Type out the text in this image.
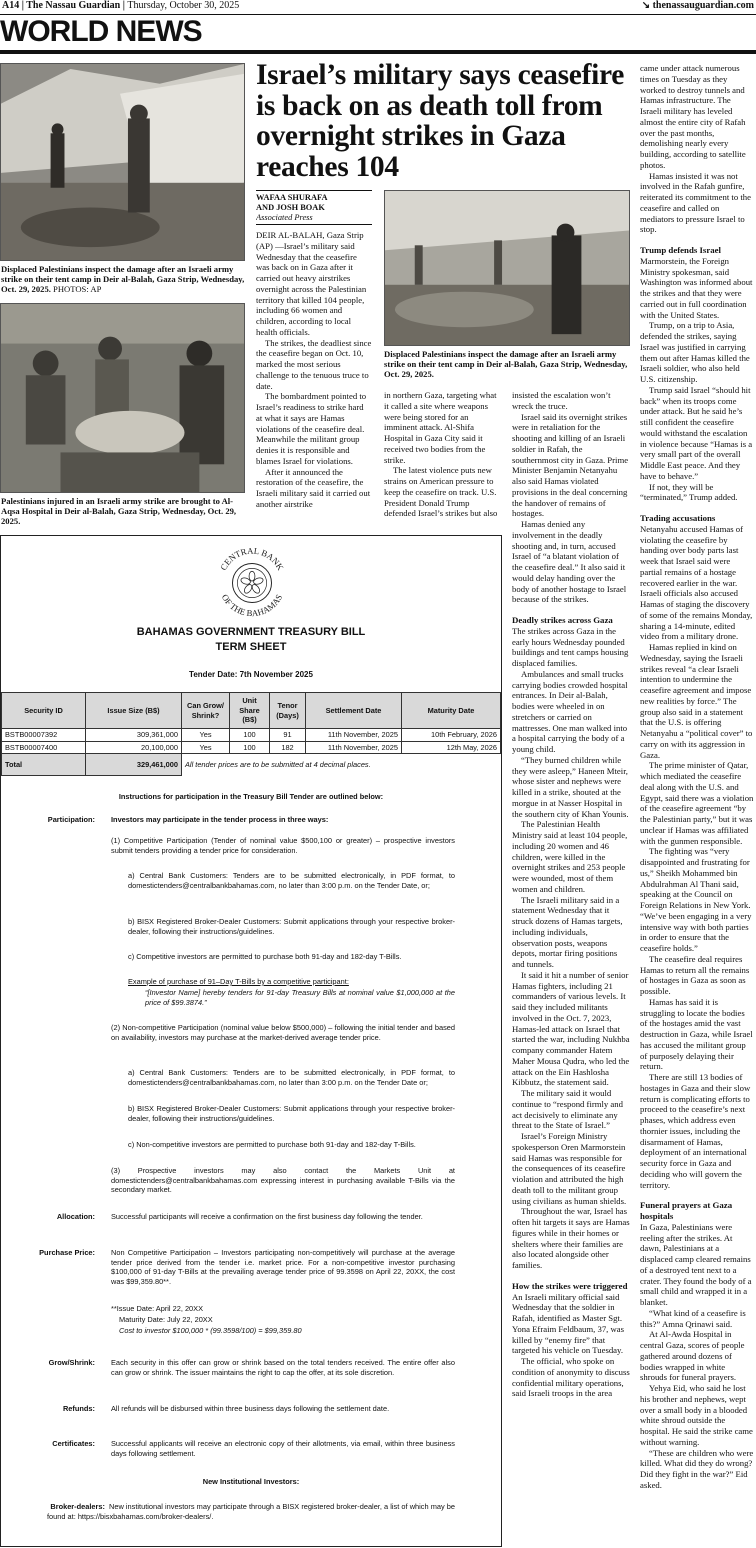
A14 | The Nassau Guardian | Thursday, October 30, 2025	↘ thenassauguardian.com
WORLD NEWS
Displaced Palestinians inspect the damage after an Israeli army strike on their tent camp in Deir al-Balah, Gaza Strip, Wednesday, Oct. 29, 2025. PHOTOS: AP
Palestinians injured in an Israeli army strike are brought to Al-Aqsa Hospital in Deir al-Balah, Gaza Strip, Wednesday, Oct. 29, 2025.
Israel’s military says ceasefire is back on as death toll from overnight strikes in Gaza reaches 104
WAFAA SHURAFA
AND JOSH BOAK
Associated Press
Displaced Palestinians inspect the damage after an Israeli army strike on their tent camp in Deir al-Balah, Gaza Strip, Wednesday, Oct. 29, 2025.

DEIR AL-BALAH, Gaza Strip (AP) —Israel’s military said Wednesday that the ceasefire was back on in Gaza after it carried out heavy airstrikes overnight across the Palestinian territory that killed 104 people, including 66 women and children, according to local health officials.

The strikes, the deadliest since the ceasefire began on Oct. 10, marked the most serious challenge to the tenuous truce to date.

The bombardment pointed to Israel’s readiness to strike hard at what it says are Hamas violations of the ceasefire deal. Meanwhile the militant group denies it is responsible and blames Israel for violations.

After it announced the restoration of the ceasefire, the Israeli military said it carried out another airstrike

in northern Gaza, targeting what it called a site where weapons were being stored for an imminent attack. Al-Shifa Hospital in Gaza City said it received two bodies from the strike.

The latest violence puts new strains on American pressure to keep the ceasefire on track. U.S. President Donald Trump defended Israel’s strikes but also

insisted the escalation won’t wreck the truce.

Israel said its overnight strikes were in retaliation for the shooting and killing of an Israeli soldier in Rafah, the southernmost city in Gaza. Prime Minister Benjamin Netanyahu also said Hamas violated provisions in the deal concerning the handover of remains of hostages.

Hamas denied any involvement in the deadly shooting and, in turn, accused Israel of “a blatant violation of the ceasefire deal.” It also said it would delay handing over the body of another hostage to Israel because of the strikes.

Deadly strikes across Gaza

The strikes across Gaza in the early hours Wednesday pounded buildings and tent camps housing displaced families.

Ambulances and small trucks carrying bodies crowded hospital entrances. In Deir al-Balah, bodies were wheeled in on stretchers or carried on mattresses. One man walked into a hospital carrying the body of a young child.

“They burned children while they were asleep,” Haneen Mteir, whose sister and nephews were killed in a strike, shouted at the morgue in at Nasser Hospital in the southern city of Khan Younis.

The Palestinian Health Ministry said at least 104 people, including 20 women and 46 children, were killed in the overnight strikes and 253 people were wounded, most of them women and children.

The Israeli military said in a statement Wednesday that it struck dozens of Hamas targets, including individuals, observation posts, weapons depots, mortar firing positions and tunnels.

It said it hit a number of senior Hamas fighters, including 21 commanders of various levels. It said they included militants involved in the Oct. 7, 2023, Hamas-led attack on Israel that started the war, including Nukhba company commander Hatem Maher Mousa Qudra, who led the attack on the Ein Hashlosha Kibbutz, the statement said.

The military said it would continue to “respond firmly and act decisively to eliminate any threat to the State of Israel.”

Israel’s Foreign Ministry spokesperson Oren Marmorstein said Hamas was responsible for the consequences of its ceasefire violation and attributed the high death toll to the militant group using civilians as human shields.

Throughout the war, Israel has often hit targets it says are Hamas figures while in their homes or shelters where their families are also located alongside other families.

How the strikes were triggered

An Israeli military official said Wednesday that the soldier in Rafah, identified as Master Sgt. Yona Efraim Feldbaum, 37, was killed by “enemy fire” that targeted his vehicle on Tuesday.

The official, who spoke on condition of anonymity to discuss confidential military operations, said Israeli troops in the area

came under attack numerous times on Tuesday as they worked to destroy tunnels and Hamas infrastructure. The Israeli military has leveled almost the entire city of Rafah over the past months, demolishing nearly every building, according to satellite photos.

Hamas insisted it was not involved in the Rafah gunfire, reiterated its commitment to the ceasefire and called on mediators to pressure Israel to stop.

Trump defends Israel

Marmorstein, the Foreign Ministry spokesman, said Washington was informed about the strikes and that they were carried out in full coordination with the United States.

Trump, on a trip to Asia, defended the strikes, saying Israel was justified in carrying them out after Hamas killed the Israeli soldier, who also held U.S. citizenship.

Trump said Israel “should hit back” when its troops come under attack. But he said he’s still confident the ceasefire would withstand the escalation in violence because “Hamas is a very small part of the overall Middle East peace. And they have to behave.”

If not, they will be “terminated,” Trump added.

Trading accusations

Netanyahu accused Hamas of violating the ceasefire by handing over body parts last week that Israel said were partial remains of a hostage recovered earlier in the war. Israeli officials also accused Hamas of staging the discovery of some of the remains Monday, sharing a 14-minute, edited video from a military drone.

Hamas replied in kind on Wednesday, saying the Israeli strikes reveal “a clear Israeli intention to undermine the ceasefire agreement and impose new realities by force.” The group also said in a statement that the U.S. is offering Netanyahu a “political cover” to carry on with its aggression in Gaza.

The prime minister of Qatar, which mediated the ceasefire deal along with the U.S. and Egypt, said there was a violation of the ceasefire agreement “by the Palestinian party,” but it was unclear if Hamas was affiliated with the gunmen responsible.

The fighting was “very disappointed and frustrating for us,” Sheikh Mohammed bin Abdulrahman Al Thani said, speaking at the Council on Foreign Relations in New York. “We’ve been engaging in a very intensive way with both parties in order to ensure that the ceasefire holds.”

The ceasefire deal requires Hamas to return all the remains of hostages in Gaza as soon as possible.

Hamas has said it is struggling to locate the bodies of the hostages amid the vast destruction in Gaza, while Israel has accused the militant group of purposely delaying their return.

There are still 13 bodies of hostages in Gaza and their slow return is complicating efforts to proceed to the ceasefire’s next phases, which address even thornier issues, including the disarmament of Hamas, deployment of an international security force in Gaza and deciding who will govern the territory.

Funeral prayers at Gaza hospitals

In Gaza, Palestinians were reeling after the strikes. At dawn, Palestinians at a displaced camp cleared remains of a destroyed tent next to a crater. They found the body of a small child and wrapped it in a blanket.

“What kind of a ceasefire is this?” Amna Qrinawi said.

At Al-Awda Hospital in central Gaza, scores of people gathered around dozens of bodies wrapped in white shrouds for funeral prayers.

Yehya Eid, who said he lost his brother and nephews, wept over a small body in a blooded white shroud outside the hospital. He said the strike came without warning.

“These are children who were killed. What did they do wrong? Did they fight in the war?” Eid asked.

CENTRAL BANK
OF THE BAHAMAS
BAHAMAS GOVERNMENT TREASURY BILL
TERM SHEET
Tender Date: 7th November 2025
Security ID	Issue Size (B$)	Can Grow/ Shrink?	Unit Share (B$)	Tenor (Days)	Settlement Date	Maturity Date
BSTB00007392	309,361,000	Yes	100	91	11th November, 2025	10th February, 2026
BSTB00007400	20,100,000	Yes	100	182	11th November, 2025	12th May, 2026
Total	329,461,000	All tender prices are to be submitted at 4 decimal places.				
Instructions for participation in the Treasury Bill Tender are outlined below:
Participation: Investors may participate in the tender process in three ways:
(1) Competitive Participation (Tender of nominal value $500,100 or greater) – prospective investors submit tenders providing a tender price for consideration.
a) Central Bank Customers: Tenders are to be submitted electronically, in PDF format, to domestictenders@centralbankbahamas.com, no later than 3:00 p.m. on the Tender Date, or;
b) BISX Registered Broker-Dealer Customers: Submit applications through your respective broker-dealer, following their instructions/guidelines.
c) Competitive investors are permitted to purchase both 91-day and 182-day T-Bills.
Example of purchase of 91–Day T-Bills by a competitive participant:
“[Investor Name] hereby tenders for 91-day Treasury Bills at nominal value $1,000,000 at the price of $99.3874.”
(2) Non-competitive Participation (nominal value below $500,000) – following the initial tender and based on availability, investors may purchase at the market-derived average tender price.
a) Central Bank Customers: Tenders are to be submitted electronically, in PDF format, to domestictenders@centralbankbahamas.com, no later than 3:00 p.m. on the Tender Date or;
b) BISX Registered Broker-Dealer Customers: Submit applications through your respective broker-dealer, following their instructions/guidelines.
c) Non-competitive investors are permitted to purchase both 91-day and 182-day T-Bills.
(3) Prospective investors may also contact the Markets Unit at domestictenders@centralbankbahamas.com expressing interest in purchasing available T-Bills via the secondary market.
Allocation: Successful participants will receive a confirmation on the first business day following the tender.
Purchase Price: Non Competitive Participation – Investors participating non-competitively will purchase at the average tender price derived from the tender i.e. market price. For a non-competitive investor purchasing $100,000 of 91-day T-Bills at the prevailing average tender price of 99.3598 on April 22, 20XX, the cost was $99,359.80**.
**Issue Date: April 22, 20XX
Maturity Date: July 22, 20XX
Cost to investor $100,000 * (99.3598/100) = $99,359.80
Grow/Shrink: Each security in this offer can grow or shrink based on the total tenders received. The entire offer also can grow or shrink. The issuer maintains the right to cap the offer, at its sole discretion.
Refunds: All refunds will be disbursed within three business days following the settlement date.
Certificates: Successful applicants will receive an electronic copy of their allotments, via email, within three business days following settlement.
New Institutional Investors:
Broker-dealers: New institutional investors may participate through a BISX registered broker-dealer, a list of which may be found at: https://bisxbahamas.com/broker-dealers/.
